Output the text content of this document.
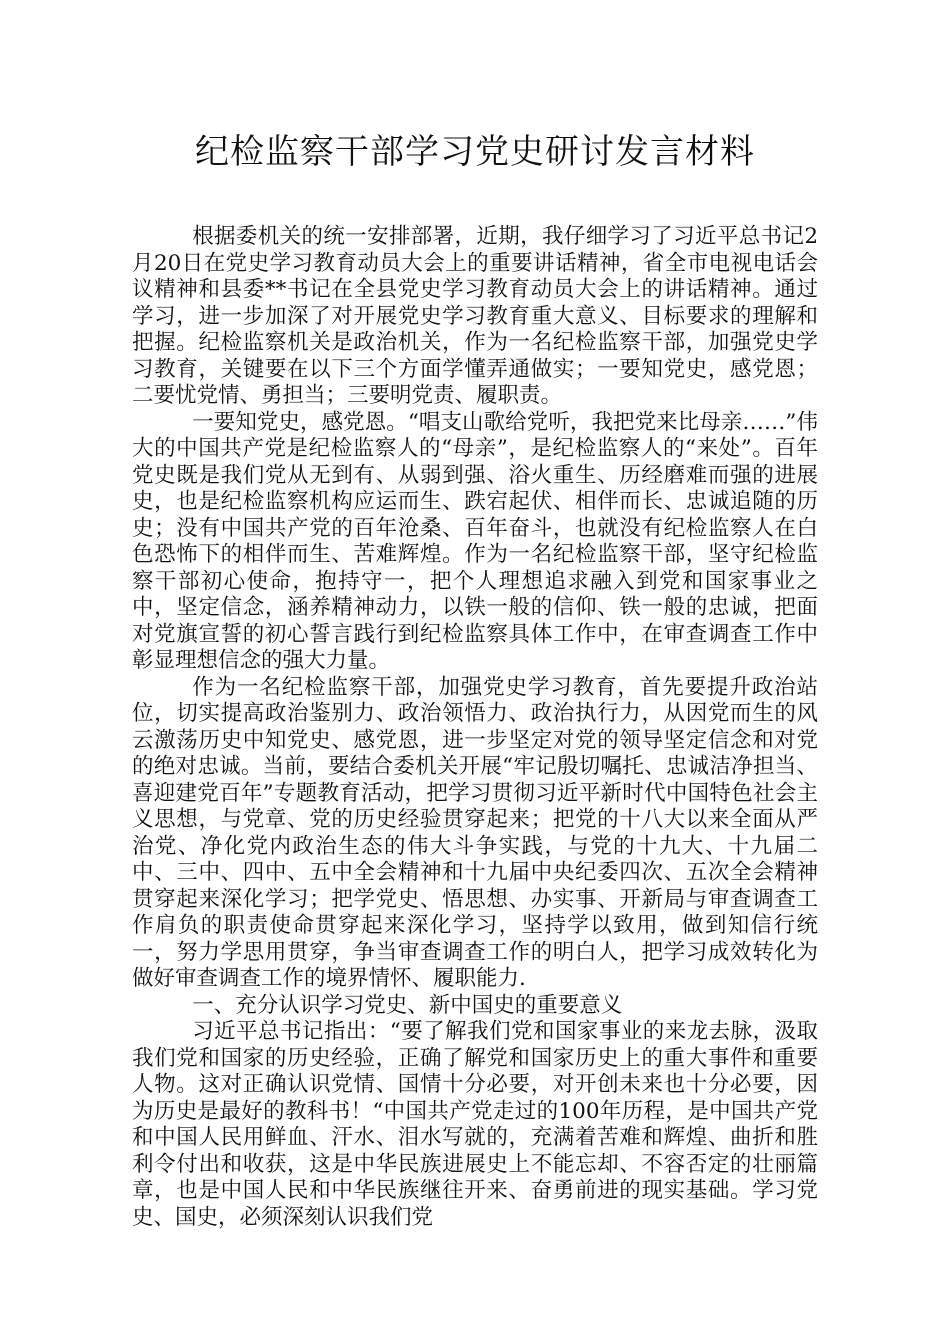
纪检监察干部学习党史研讨发言材料

根据委机关的统一安排部署，近期，我仔细学习了习近平总书记2月20日在党史学习教育动员大会上的重要讲话精神，省全市电视电话会议精神和县委**书记在全县党史学习教育动员大会上的讲话精神。通过学习，进一步加深了对开展党史学习教育重大意义、目标要求的理解和把握。纪检监察机关是政治机关，作为一名纪检监察干部，加强党史学习教育，关键要在以下三个方面学懂弄通做实；一要知党史，感党恩；二要忧党情、勇担当；三要明党责、履职责。

一要知党史，感党恩。“唱支山歌给党听，我把党来比母亲……”伟大的中国共产党是纪检监察人的“母亲”，是纪检监察人的“来处”。百年党史既是我们党从无到有、从弱到强、浴火重生、历经磨难而强的进展史，也是纪检监察机构应运而生、跌宕起伏、相伴而长、忠诚追随的历史；没有中国共产党的百年沧桑、百年奋斗，也就没有纪检监察人在白色恐怖下的相伴而生、苦难辉煌。作为一名纪检监察干部，坚守纪检监察干部初心使命，抱持守一，把个人理想追求融入到党和国家事业之中，坚定信念，涵养精神动力，以铁一般的信仰、铁一般的忠诚，把面对党旗宣誓的初心誓言践行到纪检监察具体工作中，在审查调查工作中彰显理想信念的强大力量。

作为一名纪检监察干部，加强党史学习教育，首先要提升政治站位，切实提高政治鉴别力、政治领悟力、政治执行力，从因党而生的风云激荡历史中知党史、感党恩，进一步坚定对党的领导坚定信念和对党的绝对忠诚。当前，要结合委机关开展“牢记殷切嘱托、忠诚洁净担当、喜迎建党百年”专题教育活动，把学习贯彻习近平新时代中国特色社会主义思想，与党章、党的历史经验贯穿起来；把党的十八大以来全面从严治党、净化党内政治生态的伟大斗争实践，与党的十九大、十九届二中、三中、四中、五中全会精神和十九届中央纪委四次、五次全会精神贯穿起来深化学习；把学党史、悟思想、办实事、开新局与审查调查工作肩负的职责使命贯穿起来深化学习，坚持学以致用，做到知信行统一，努力学思用贯穿，争当审查调查工作的明白人，把学习成效转化为做好审查调查工作的境界情怀、履职能力.

一、充分认识学习党史、新中国史的重要意义

习近平总书记指出：“要了解我们党和国家事业的来龙去脉，汲取我们党和国家的历史经验，正确了解党和国家历史上的重大事件和重要人物。这对正确认识党情、国情十分必要，对开创未来也十分必要，因为历史是最好的教科书！“中国共产党走过的100年历程，是中国共产党和中国人民用鲜血、汗水、泪水写就的，充满着苦难和辉煌、曲折和胜利令付出和收获，这是中华民族进展史上不能忘却、不容否定的壮丽篇章，也是中国人民和中华民族继往开来、奋勇前进的现实基础。学习党史、国史，必须深刻认识我们党
